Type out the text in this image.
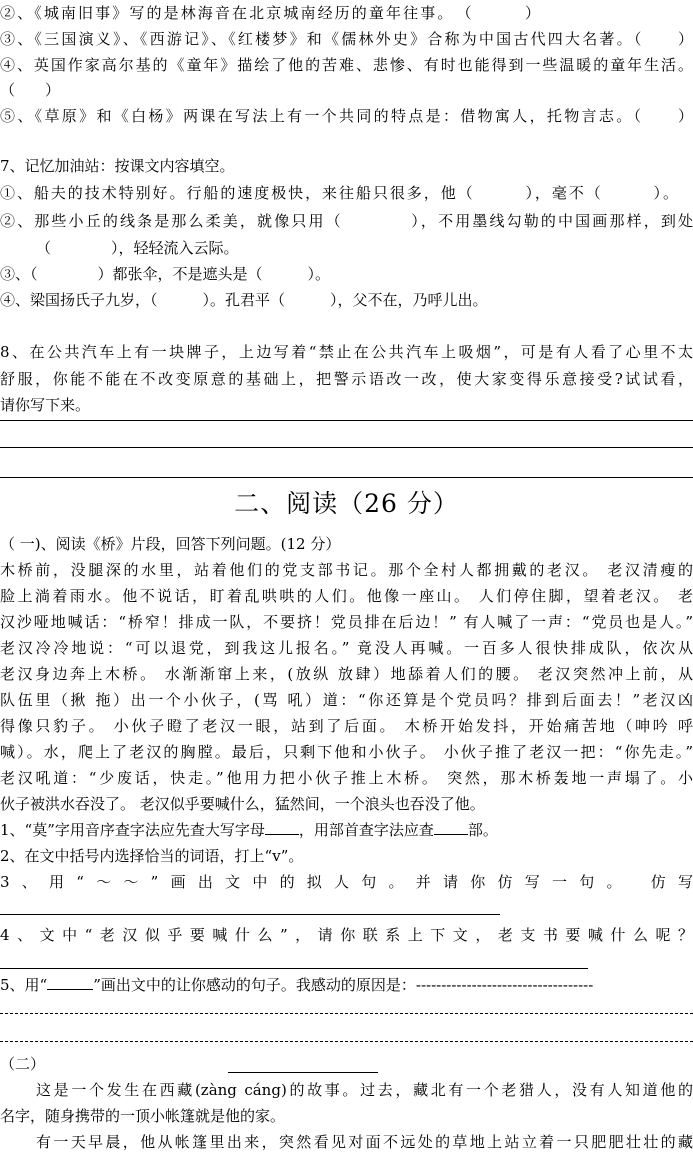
②、《城南旧事》写的是林海音在北京城南经历的童年往事。　（　　　）
③、《三国演义》、《西游记》、《红楼梦》和《儒林外史》合称为中国古代四大名著。（　　）
④、英国作家高尔基的《童年》描绘了他的苦难、悲惨、有时也能得到一些温暖的童年生活。
（　　）
⑤、《草原》和《白杨》两课在写法上有一个共同的特点是：借物寓人，托物言志。（　　）
7、记忆加油站：按课文内容填空。
①、船夫的技术特别好。行船的速度极快，来往船只很多，他（　　　），毫不（　　　）。
②、那些小丘的线条是那么柔美，就像只用（　　　　），不用墨线勾勒的中国画那样，到处
（　　　　），轻轻流入云际。
③、（　　　　）都张伞，不是遮头是（　　　）。
④、梁国扬氏子九岁，（　　　）。孔君平（　　　），父不在，乃呼儿出。
8、在公共汽车上有一块牌子，上边写着“禁止在公共汽车上吸烟”，可是有人看了心里不太
舒服，你能不能在不改变原意的基础上，把警示语改一改，使大家变得乐意接受?试试看，
请你写下来。
二、阅读（26 分）
（ 一)、阅读《桥》片段，回答下列问题。(12 分）
木桥前，没腿深的水里，站着他们的党支部书记。那个全村人都拥戴的老汉。 老汉清瘦的
脸上淌着雨水。他不说话，盯着乱哄哄的人们。他像一座山。 人们停住脚，望着老汉。 老
汉沙哑地喊话：“桥窄！排成一队，不要挤！党员排在后边！” 有人喊了一声：“党员也是人。”
老汉冷冷地说：“可以退党，到我这儿报名。” 竟没人再喊。一百多人很快排成队，依次从
老汉身边奔上木桥。 水渐渐窜上来，(放纵 放肆）地舔着人们的腰。 老汉突然冲上前，从
队伍里（揪 拖）出一个小伙子，(骂 吼）道：“你还算是个党员吗？排到后面去！”老汉凶
得像只豹子。 小伙子瞪了老汉一眼，站到了后面。 木桥开始发抖，开始痛苦地（呻吟 呼
喊）。水，爬上了老汉的胸膛。最后，只剩下他和小伙子。 小伙子推了老汉一把：“你先走。”
老汉吼道：“少废话，快走。”他用力把小伙子推上木桥。 突然，那木桥轰地一声塌了。小
伙子被洪水吞没了。 老汉似乎要喊什么，猛然间，一个浪头也吞没了他。
1、“莫”字用音序查字法应先查大写字母 ，用部首查字法应查 部。
2、在文中括号内选择恰当的词语，打上“v”。
3、用“～～”画出文中的拟人句。并请你仿写一句。 仿写
4、文中“老汉似乎要喊什么”，请你联系上下文，老支书要喊什么呢？
5、用“	”画出文中的让你感动的句子。我感动的原因是：-----------------------------------
（二）
这是一个发生在西藏(zàng cáng)的故事。过去，藏北有一个老猎人，没有人知道他的
名字，随身携带的一顶小帐篷就是他的家。
有一天早晨，他从帐篷里出来，突然看见对面不远处的草地上站立着一只肥肥壮壮的藏
